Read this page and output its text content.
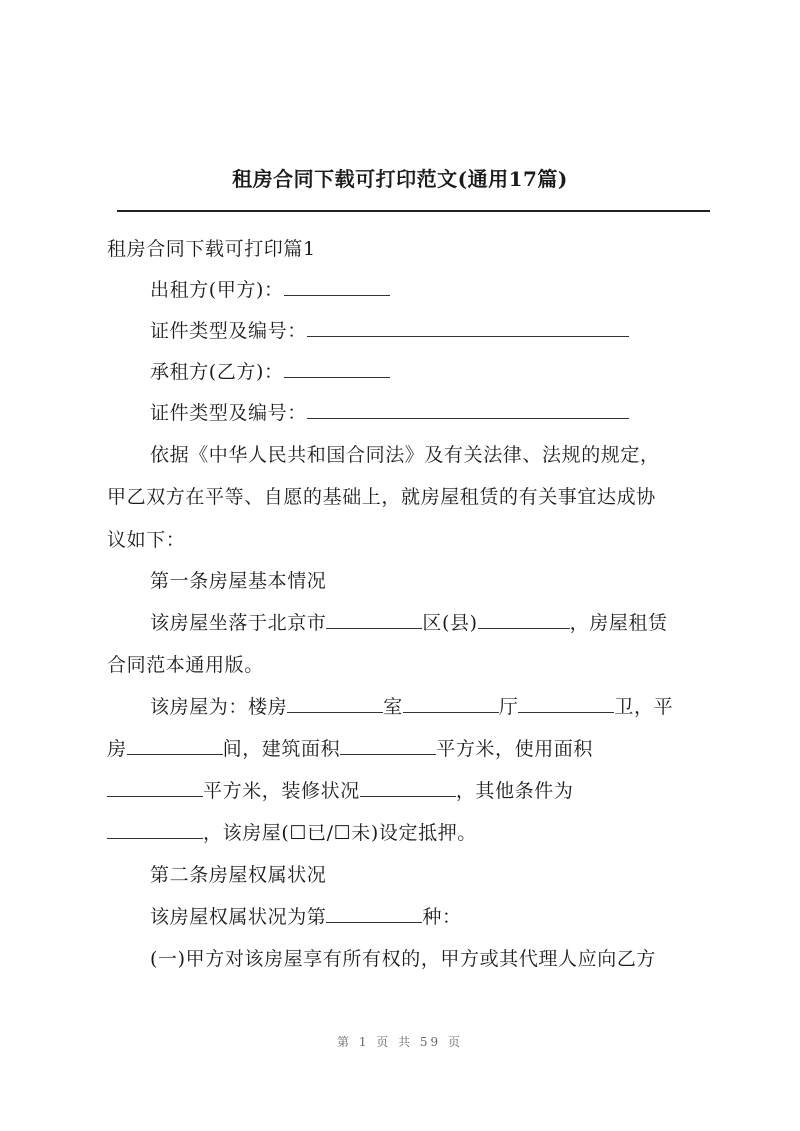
租房合同下载可打印范文(通用17篇)
租房合同下载可打印篇1
出租方(甲方)：
证件类型及编号：
承租方(乙方)：
证件类型及编号：
依据《中华人民共和国合同法》及有关法律、法规的规定，
甲乙双方在平等、自愿的基础上，就房屋租赁的有关事宜达成协
议如下：
第一条房屋基本情况
该房屋坐落于北京市	区(县)	，房屋租赁
合同范本通用版。
该房屋为：楼房	室	厅	卫，平
房	间，建筑面积	平方米，使用面积
平方米，装修状况	，其他条件为
，该房屋(☐已/☐未)设定抵押。
第二条房屋权属状况
该房屋权属状况为第	种：
(一)甲方对该房屋享有所有权的，甲方或其代理人应向乙方
第 1 页 共 59 页
